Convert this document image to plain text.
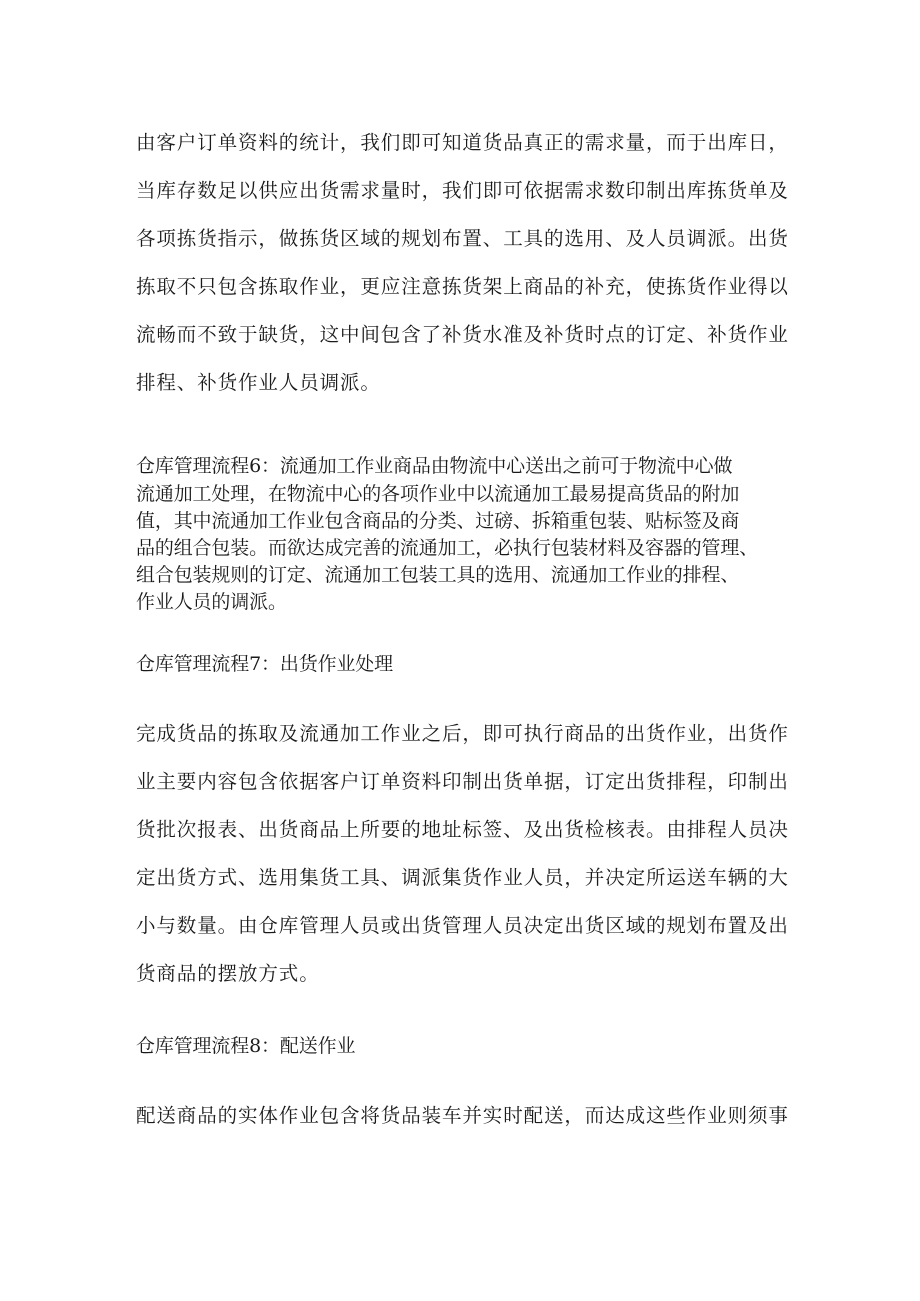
由客户订单资料的统计，我们即可知道货品真正的需求量，而于出库日，
当库存数足以供应出货需求量时，我们即可依据需求数印制出库拣货单及
各项拣货指示，做拣货区域的规划布置、工具的选用、及人员调派。出货
拣取不只包含拣取作业，更应注意拣货架上商品的补充，使拣货作业得以
流畅而不致于缺货，这中间包含了补货水准及补货时点的订定、补货作业
排程、补货作业人员调派。
仓库管理流程6：流通加工作业商品由物流中心送出之前可于物流中心做
流通加工处理，在物流中心的各项作业中以流通加工最易提高货品的附加
值，其中流通加工作业包含商品的分类、过磅、拆箱重包装、贴标签及商
品的组合包装。而欲达成完善的流通加工，必执行包装材料及容器的管理、
组合包装规则的订定、流通加工包装工具的选用、流通加工作业的排程、
作业人员的调派。
仓库管理流程7：出货作业处理
完成货品的拣取及流通加工作业之后，即可执行商品的出货作业，出货作
业主要内容包含依据客户订单资料印制出货单据，订定出货排程，印制出
货批次报表、出货商品上所要的地址标签、及出货检核表。由排程人员决
定出货方式、选用集货工具、调派集货作业人员，并决定所运送车辆的大
小与数量。由仓库管理人员或出货管理人员决定出货区域的规划布置及出
货商品的摆放方式。
仓库管理流程8：配送作业
配送商品的实体作业包含将货品装车并实时配送，而达成这些作业则须事
